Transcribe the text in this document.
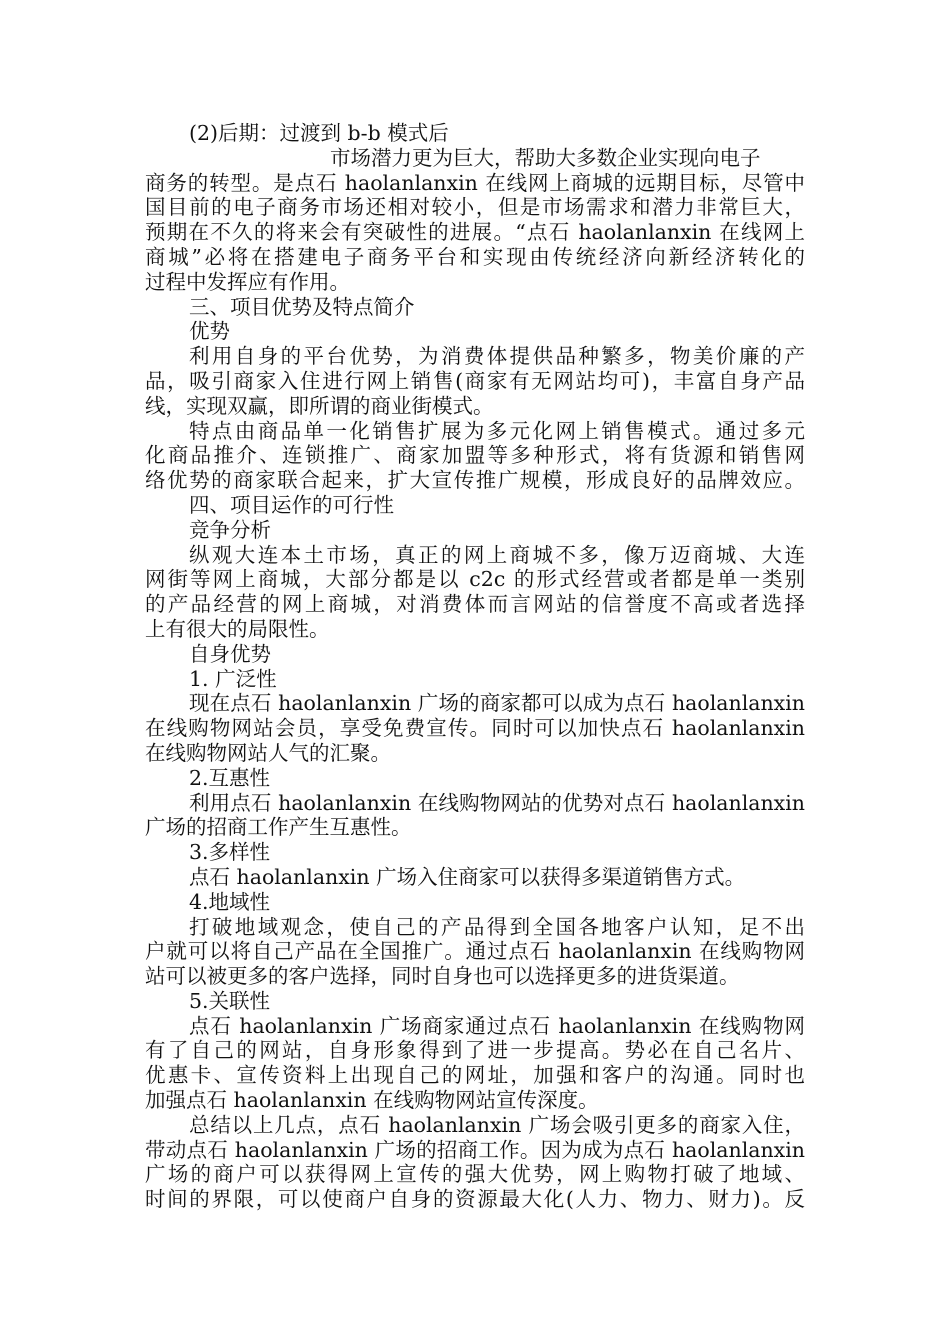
(2)后期：过渡到 b-b 模式后
市场潜力更为巨大，帮助大多数企业实现向电子
商务的转型。是点石 haolanlanxin 在线网上商城的远期目标，尽管中
国目前的电子商务市场还相对较小，但是市场需求和潜力非常巨大，
预期在不久的将来会有突破性的进展。“点石 haolanlanxin 在线网上
商城”必将在搭建电子商务平台和实现由传统经济向新经济转化的
过程中发挥应有作用。
三、项目优势及特点简介
优势
利用自身的平台优势，为消费体提供品种繁多，物美价廉的产
品，吸引商家入住进行网上销售(商家有无网站均可)，丰富自身产品
线，实现双赢，即所谓的商业街模式。
特点由商品单一化销售扩展为多元化网上销售模式。通过多元
化商品推介、连锁推广、商家加盟等多种形式，将有货源和销售网
络优势的商家联合起来，扩大宣传推广规模，形成良好的品牌效应。
四、项目运作的可行性
竞争分析
纵观大连本土市场，真正的网上商城不多，像万迈商城、大连
网街等网上商城，大部分都是以 c2c 的形式经营或者都是单一类别
的产品经营的网上商城，对消费体而言网站的信誉度不高或者选择
上有很大的局限性。
自身优势
1. 广泛性
现在点石 haolanlanxin 广场的商家都可以成为点石 haolanlanxin
在线购物网站会员，享受免费宣传。同时可以加快点石 haolanlanxin
在线购物网站人气的汇聚。
2.互惠性
利用点石 haolanlanxin 在线购物网站的优势对点石 haolanlanxin
广场的招商工作产生互惠性。
3.多样性
点石 haolanlanxin 广场入住商家可以获得多渠道销售方式。
4.地域性
打破地域观念，使自己的产品得到全国各地客户认知，足不出
户就可以将自己产品在全国推广。通过点石 haolanlanxin 在线购物网
站可以被更多的客户选择，同时自身也可以选择更多的进货渠道。
5.关联性
点石 haolanlanxin 广场商家通过点石 haolanlanxin 在线购物网
有了自己的网站，自身形象得到了进一步提高。势必在自己名片、
优惠卡、宣传资料上出现自己的网址，加强和客户的沟通。同时也
加强点石 haolanlanxin 在线购物网站宣传深度。
总结以上几点，点石 haolanlanxin 广场会吸引更多的商家入住，
带动点石 haolanlanxin 广场的招商工作。因为成为点石 haolanlanxin
广场的商户可以获得网上宣传的强大优势，网上购物打破了地域、
时间的界限，可以使商户自身的资源最大化(人力、物力、财力)。反
